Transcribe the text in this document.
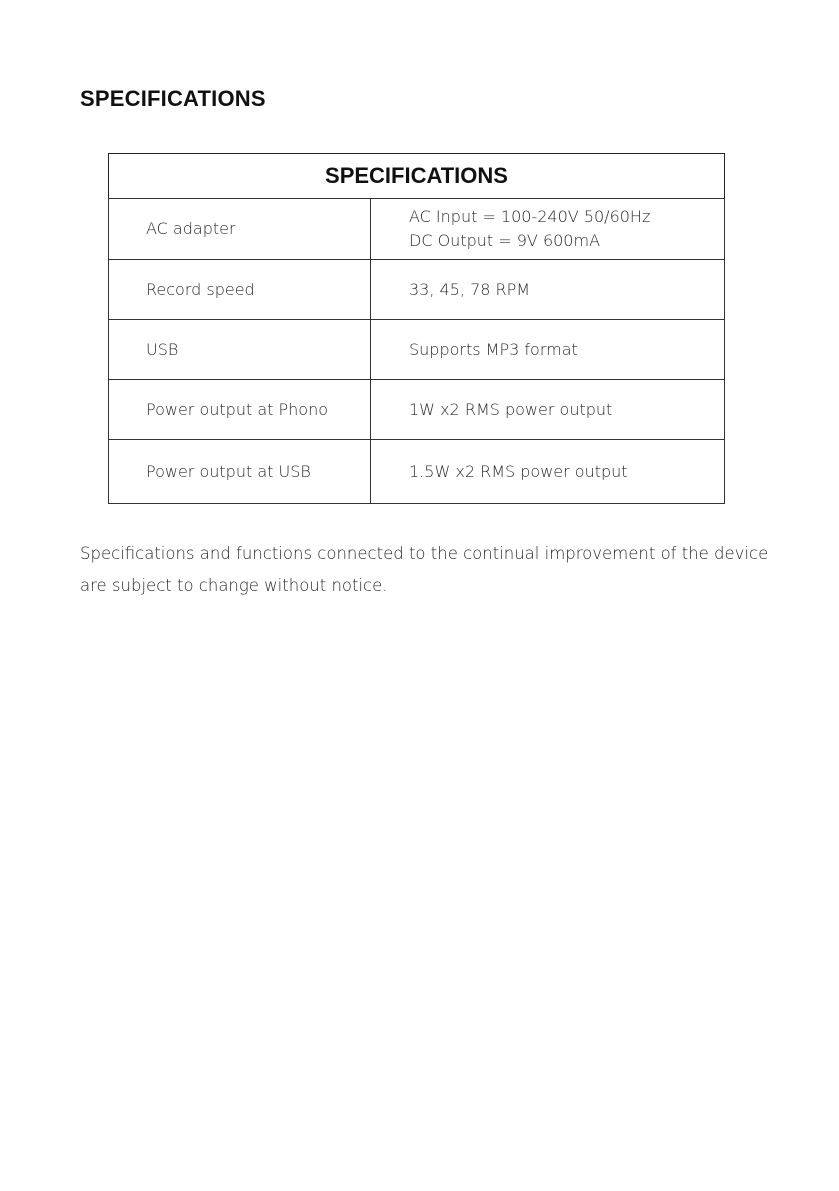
SPECIFICATIONS
SPECIFICATIONS	
AC adapter	AC Input = 100-240V 50/60Hz
DC Output = 9V 600mA

Record speed	33, 45, 78 RPM

USB	Supports MP3 format

Power output at Phono	1W x2 RMS power output

Power output at USB	1.5W x2 RMS power output

Specifications and functions connected to the continual improvement of the device
are subject to change without notice.
